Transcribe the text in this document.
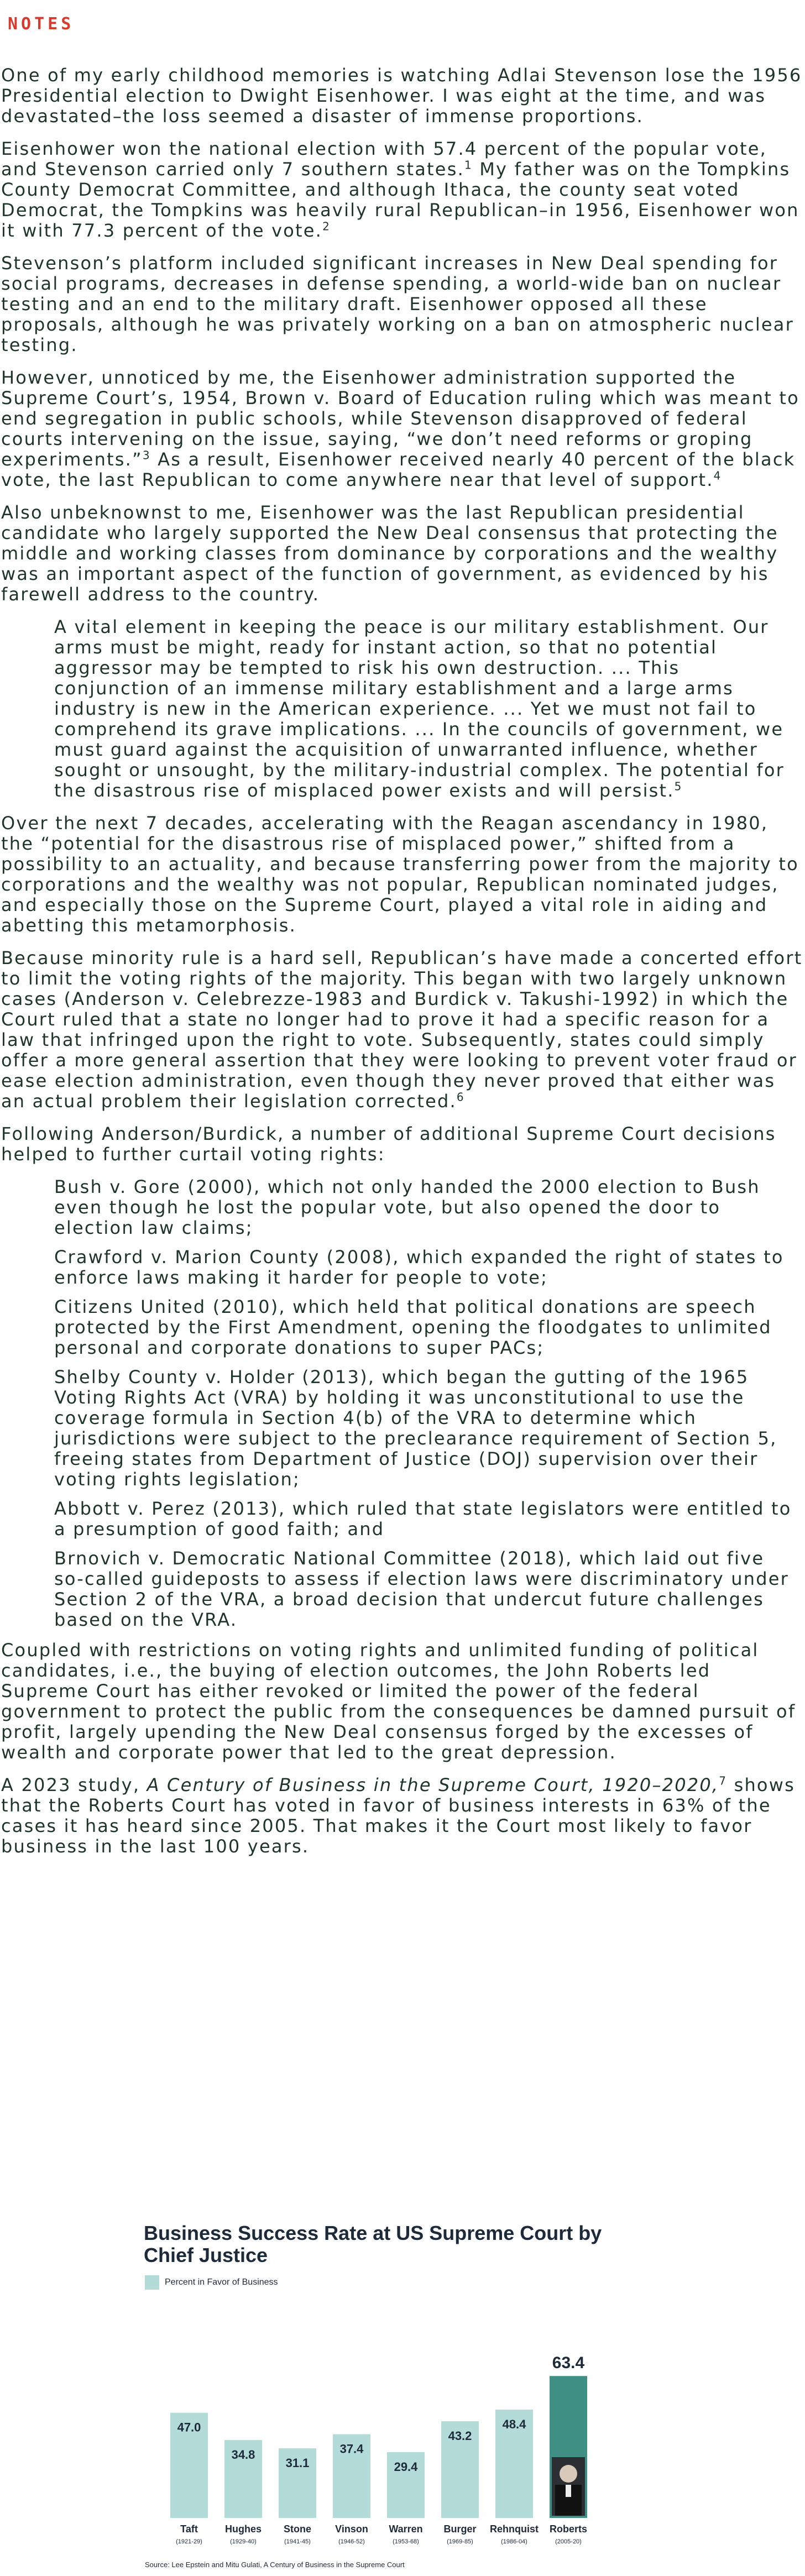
NOTES

One of my early childhood memories is watching Adlai Stevenson lose the 1956 Presidential election to Dwight Eisenhower. I was eight at the time, and was devastated–the loss seemed a disaster of immense proportions.

Eisenhower won the national election with 57.4 percent of the popular vote, and Stevenson carried only 7 southern states.$^1$ My father was on the Tompkins County Democrat Committee, and although Ithaca, the county seat voted Democrat, the Tompkins was heavily rural Republican–in 1956, Eisenhower won it with 77.3 percent of the vote.$^2$

Stevenson’s platform included significant increases in New Deal spending for social programs, decreases in defense spending, a world-wide ban on nuclear testing and an end to the military draft. Eisenhower opposed all these proposals, although he was privately working on a ban on atmospheric nuclear testing.

However, unnoticed by me, the Eisenhower administration supported the Supreme Court’s, 1954, Brown v. Board of Education ruling which was meant to end segregation in public schools, while Stevenson disapproved of federal courts intervening on the issue, saying, “we don’t need reforms or groping experiments.”$^3$ As a result, Eisenhower received nearly 40 percent of the black vote, the last Republican to come anywhere near that level of support.$^4$

Also unbeknownst to me, Eisenhower was the last Republican presidential candidate who largely supported the New Deal consensus that protecting the middle and working classes from dominance by corporations and the wealthy was an important aspect of the function of government, as evidenced by his farewell address to the country.

A vital element in keeping the peace is our military establishment. Our arms must be might, ready for instant action, so that no potential aggressor may be tempted to risk his own destruction. ... This conjunction of an immense military establishment and a large arms industry is new in the American experience. ... Yet we must not fail to comprehend its grave implications. ... In the councils of government, we must guard against the acquisition of unwarranted influence, whether sought or unsought, by the military-industrial complex. The potential for the disastrous rise of misplaced power exists and will persist.$^5$

Over the next 7 decades, accelerating with the Reagan ascendancy in 1980, the “potential for the disastrous rise of misplaced power,” shifted from a possibility to an actuality, and because transferring power from the majority to corporations and the wealthy was not popular, Republican nominated judges, and especially those on the Supreme Court, played a vital role in aiding and abetting this metamorphosis.

Because minority rule is a hard sell, Republican’s have made a concerted effort to limit the voting rights of the majority. This began with two largely unknown cases (Anderson v. Celebrezze-1983 and Burdick v. Takushi-1992) in which the Court ruled that a state no longer had to prove it had a specific reason for a law that infringed upon the right to vote. Subsequently, states could simply offer a more general assertion that they were looking to prevent voter fraud or ease election administration, even though they never proved that either was an actual problem their legislation corrected.$^6$

Following Anderson/Burdick, a number of additional Supreme Court decisions helped to further curtail voting rights:

Bush v. Gore (2000), which not only handed the 2000 election to Bush even though he lost the popular vote, but also opened the door to election law claims;
Crawford v. Marion County (2008), which expanded the right of states to enforce laws making it harder for people to vote;
Citizens United (2010), which held that political donations are speech protected by the First Amendment, opening the floodgates to unlimited personal and corporate donations to super PACs;
Shelby County v. Holder (2013), which began the gutting of the 1965 Voting Rights Act (VRA) by holding it was unconstitutional to use the coverage formula in Section 4(b) of the VRA to determine which jurisdictions were subject to the preclearance requirement of Section 5, freeing states from Department of Justice (DOJ) supervision over their voting rights legislation;
Abbott v. Perez (2013), which ruled that state legislators were entitled to a presumption of good faith; and
Brnovich v. Democratic National Committee (2018), which laid out five so-called guideposts to assess if election laws were discriminatory under Section 2 of the VRA, a broad decision that undercut future challenges based on the VRA.

Coupled with restrictions on voting rights and unlimited funding of political candidates, i.e., the buying of election outcomes, the John Roberts led Supreme Court has either revoked or limited the power of the federal government to protect the public from the consequences be damned pursuit of profit, largely upending the New Deal consensus forged by the excesses of wealth and corporate power that led to the great depression.

A 2023 study, A Century of Business in the Supreme Court, 1920–2020,$^7$ shows that the Roberts Court has voted in favor of business interests in 63% of the cases it has heard since 2005. That makes it the Court most likely to favor business in the last 100 years.

Business Success Rate at US Supreme Court by Chief Justice
Percent in Favor of Business
47.0
Taft
(1921-29)
34.8
Hughes
(1929-40)
31.1
Stone
(1941-45)
37.4
Vinson
(1946-52)
29.4
Warren
(1953-68)
43.2
Burger
(1969-85)
48.4
Rehnquist
(1986-04)
63.4
Roberts
(2005-20)
Source: Lee Epstein and Mitu Gulati, A Century of Business in the Supreme Court
